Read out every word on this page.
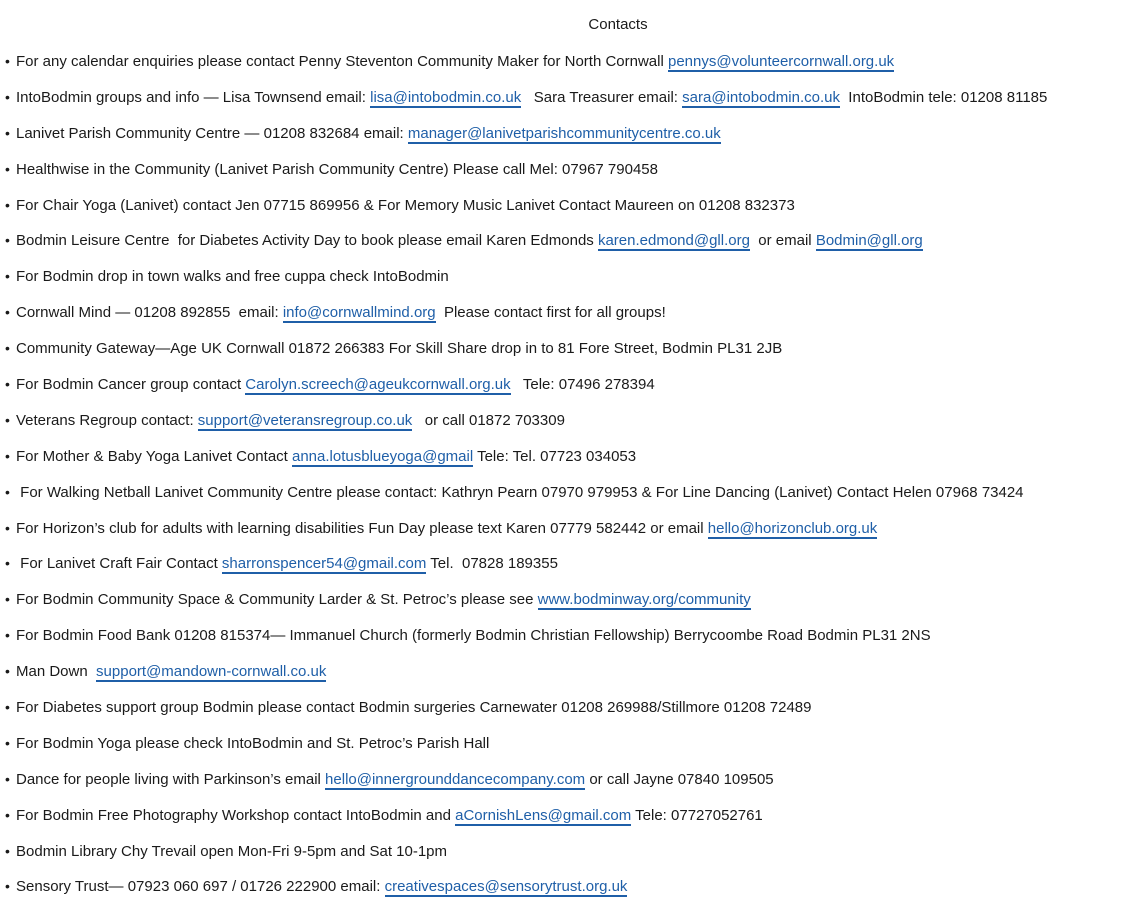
Contacts
• For any calendar enquiries please contact Penny Steventon Community Maker for North Cornwall pennys@volunteercornwall.org.uk
• IntoBodmin groups and info — Lisa Townsend email: lisa@intobodmin.co.uk   Sara Treasurer email: sara@intobodmin.co.uk  IntoBodmin tele: 01208 81185
• Lanivet Parish Community Centre — 01208 832684 email: manager@lanivetparishcommunitycentre.co.uk
• Healthwise in the Community (Lanivet Parish Community Centre) Please call Mel: 07967 790458
• For Chair Yoga (Lanivet) contact Jen 07715 869956 & For Memory Music Lanivet Contact Maureen on 01208 832373
• Bodmin Leisure Centre  for Diabetes Activity Day to book please email Karen Edmonds karen.edmond@gll.org  or email Bodmin@gll.org
• For Bodmin drop in town walks and free cuppa check IntoBodmin
• Cornwall Mind — 01208 892855  email: info@cornwallmind.org  Please contact first for all groups!
• Community Gateway—Age UK Cornwall 01872 266383 For Skill Share drop in to 81 Fore Street, Bodmin PL31 2JB
• For Bodmin Cancer group contact Carolyn.screech@ageukcornwall.org.uk   Tele: 07496 278394
• Veterans Regroup contact: support@veteransregroup.co.uk   or call 01872 703309
• For Mother & Baby Yoga Lanivet Contact anna.lotusblueyoga@gmail Tele: Tel. 07723 034053
• For Walking Netball Lanivet Community Centre please contact: Kathryn Pearn 07970 979953 & For Line Dancing (Lanivet) Contact Helen 07968 73424
• For Horizon’s club for adults with learning disabilities Fun Day please text Karen 07779 582442 or email hello@horizonclub.org.uk
• For Lanivet Craft Fair Contact sharronspencer54@gmail.com Tel.  07828 189355
• For Bodmin Community Space & Community Larder & St. Petroc’s please see www.bodminway.org/community
• For Bodmin Food Bank 01208 815374— Immanuel Church (formerly Bodmin Christian Fellowship) Berrycoombe Road Bodmin PL31 2NS
• Man Down  support@mandown-cornwall.co.uk
• For Diabetes support group Bodmin please contact Bodmin surgeries Carnewater 01208 269988/Stillmore 01208 72489
• For Bodmin Yoga please check IntoBodmin and St. Petroc’s Parish Hall
• Dance for people living with Parkinson’s email hello@innergrounddancecompany.com or call Jayne 07840 109505
• For Bodmin Free Photography Workshop contact IntoBodmin and aCornishLens@gmail.com Tele: 07727052761
• Bodmin Library Chy Trevail open Mon-Fri 9-5pm and Sat 10-1pm
• Sensory Trust— 07923 060 697 / 01726 222900 email: creativespaces@sensorytrust.org.uk
